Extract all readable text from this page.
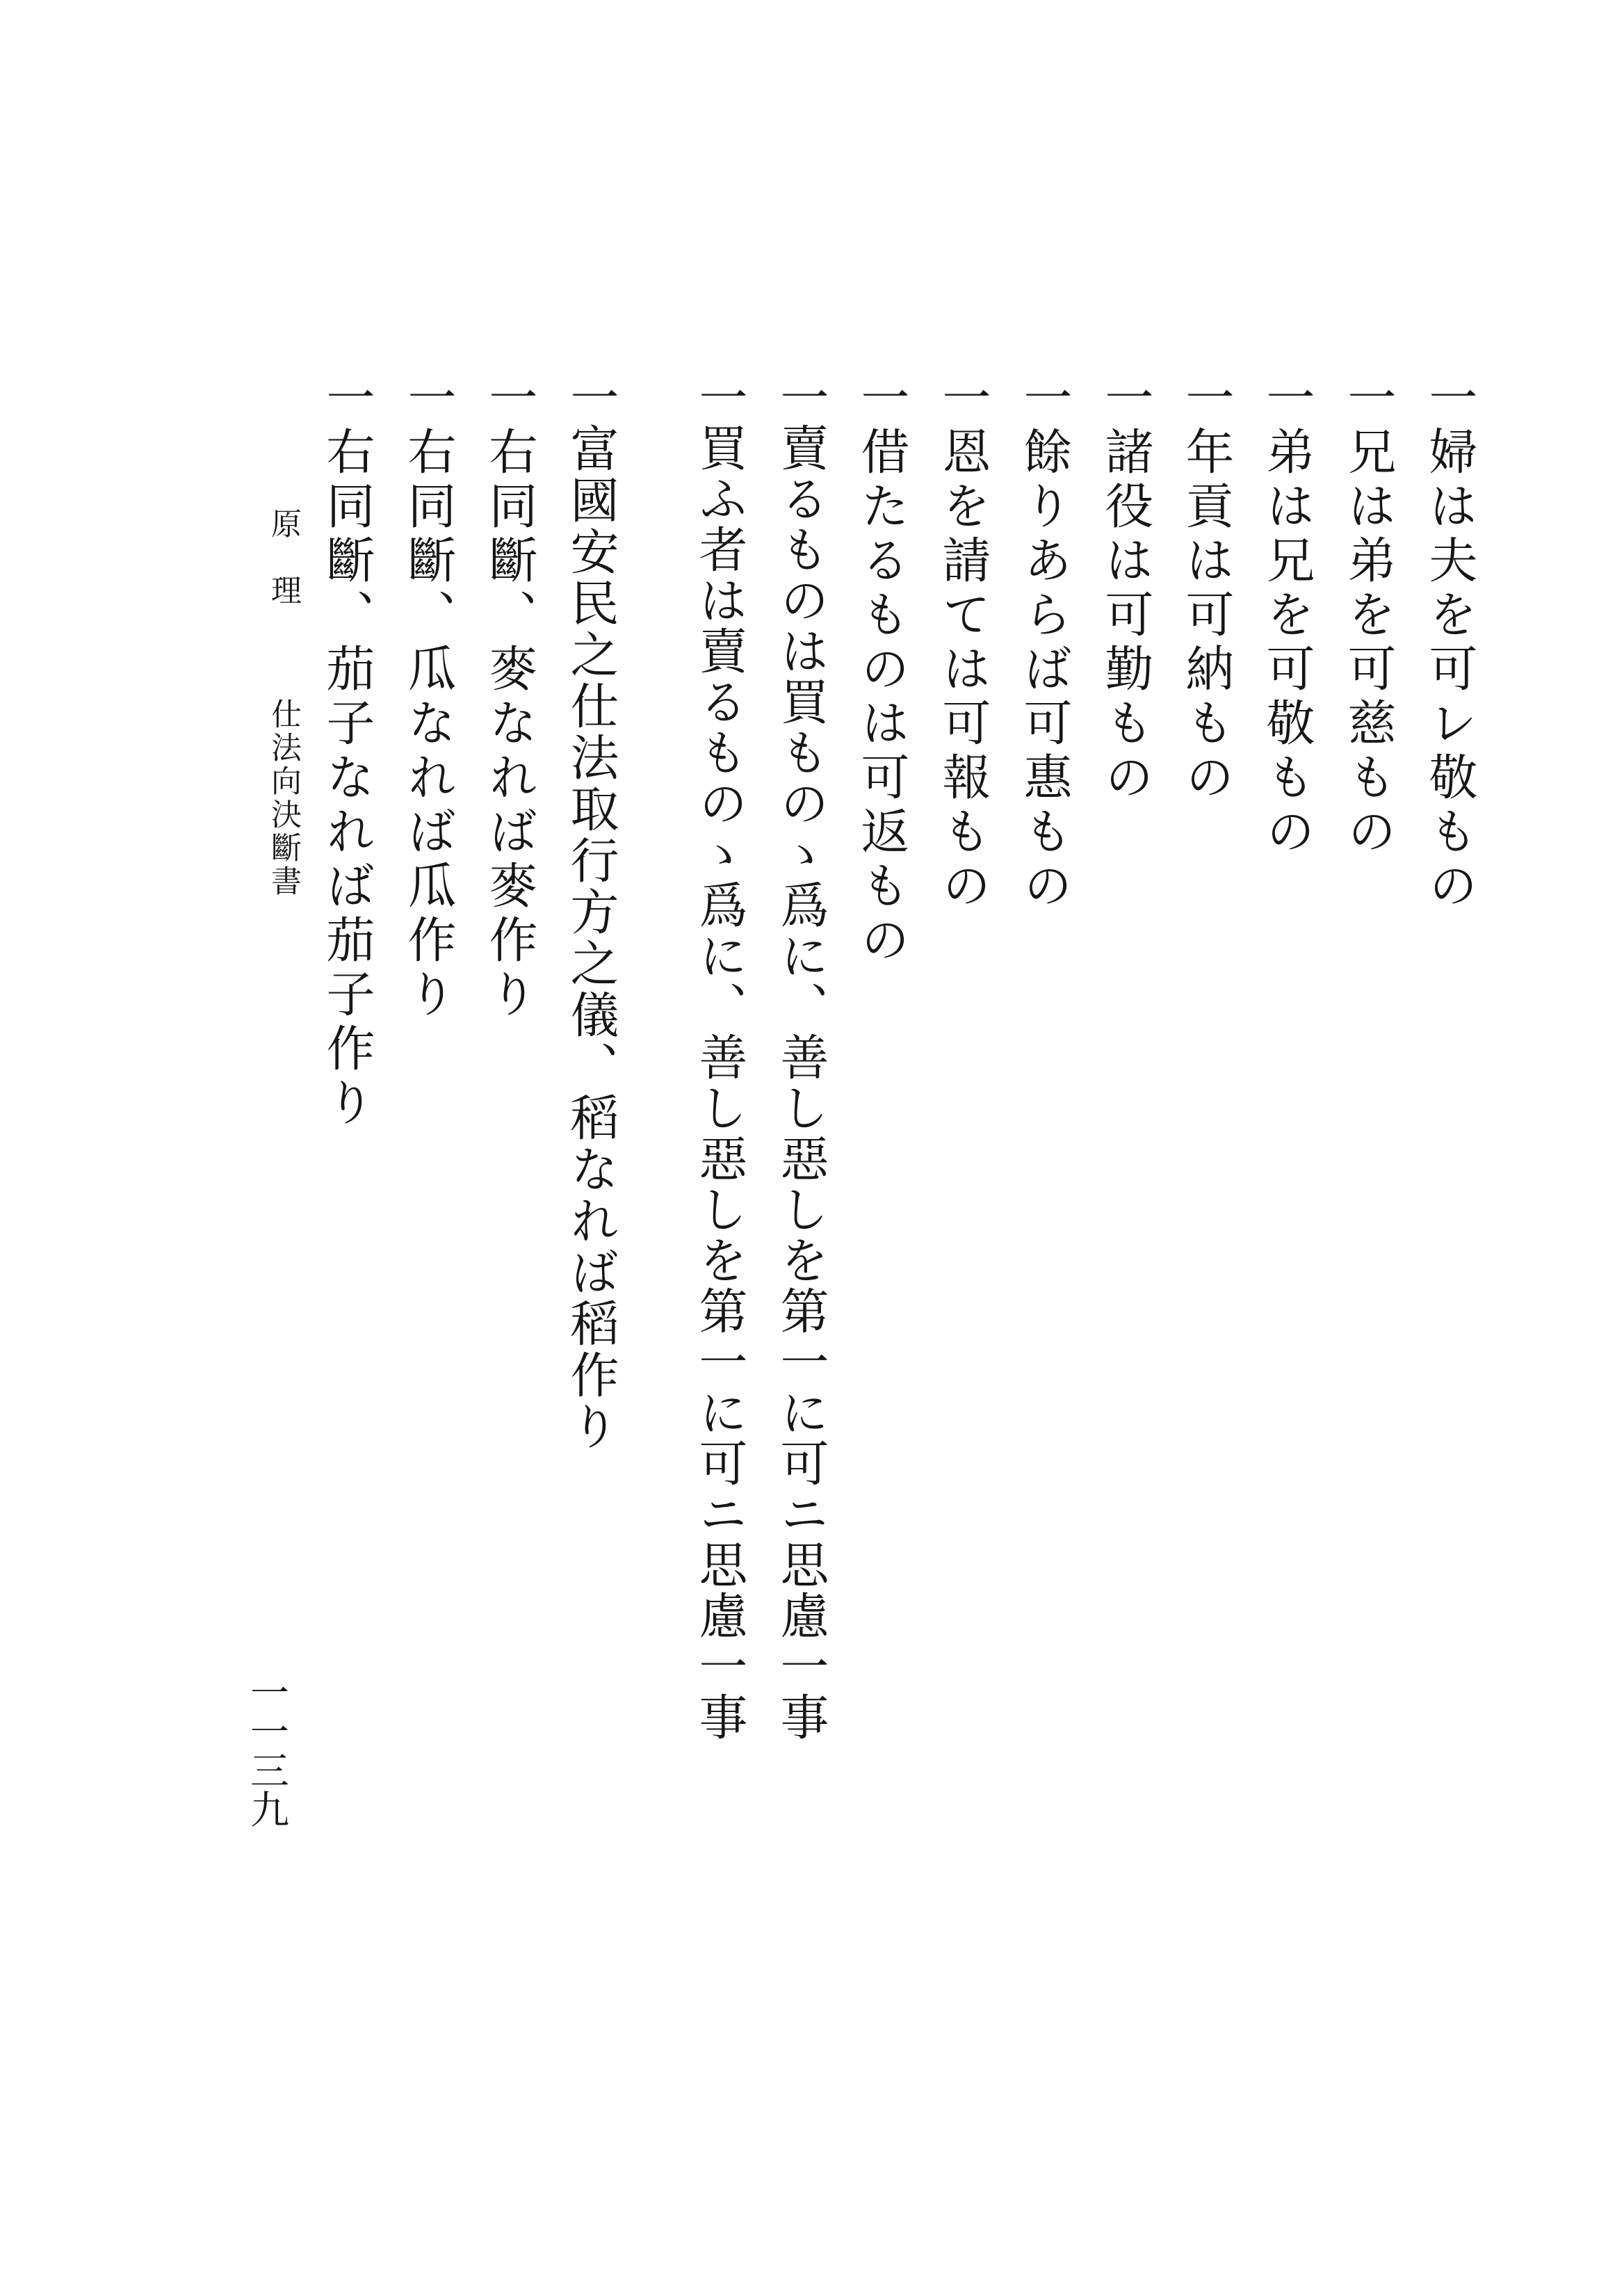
一婦は夫を可レ敬もの
一兄は弟を可慈もの
一弟は兄を可敬もの
一年貢は可納もの
一諸役は可勤もの
一餘りあらば可惠もの
一恩を請ては可報もの
一借たるものは可返もの
一賣るものは買ものゝ爲に、善し惡しを第一に可ニ思慮一事
一買ふ者は賣るものゝ爲に、善し惡しを第一に可ニ思慮一事
一富國安民之仕法取行方之儀、稻なれば稻作り
一右同斷、麥なれば麥作り
一右同斷、瓜なれば瓜作り
一右同斷、茄子なれば茄子作り
原　理仕法向決斷書
一一三九
